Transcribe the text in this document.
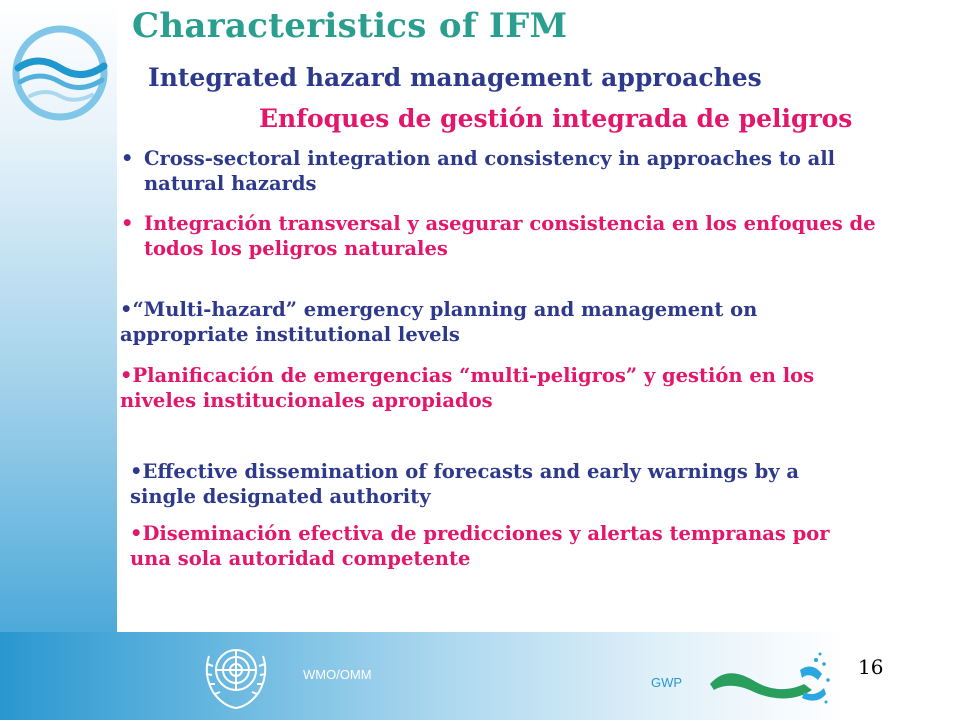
Characteristics of IFM
Integrated hazard management approaches
Enfoques de gestión integrada de peligros
• Cross-sectoral integration and consistency in approaches to all natural hazards
• Integración transversal y asegurar consistencia en los enfoques de todos los peligros naturales
•“Multi-hazard” emergency planning and management on appropriate institutional levels
•Planificación de emergencias “multi-peligros” y gestión en los niveles institucionales apropiados
•Effective dissemination of forecasts and early warnings by a single designated authority
•Diseminación efectiva de predicciones y alertas tempranas por una sola autoridad competente
WMO/OMM
GWP
16
